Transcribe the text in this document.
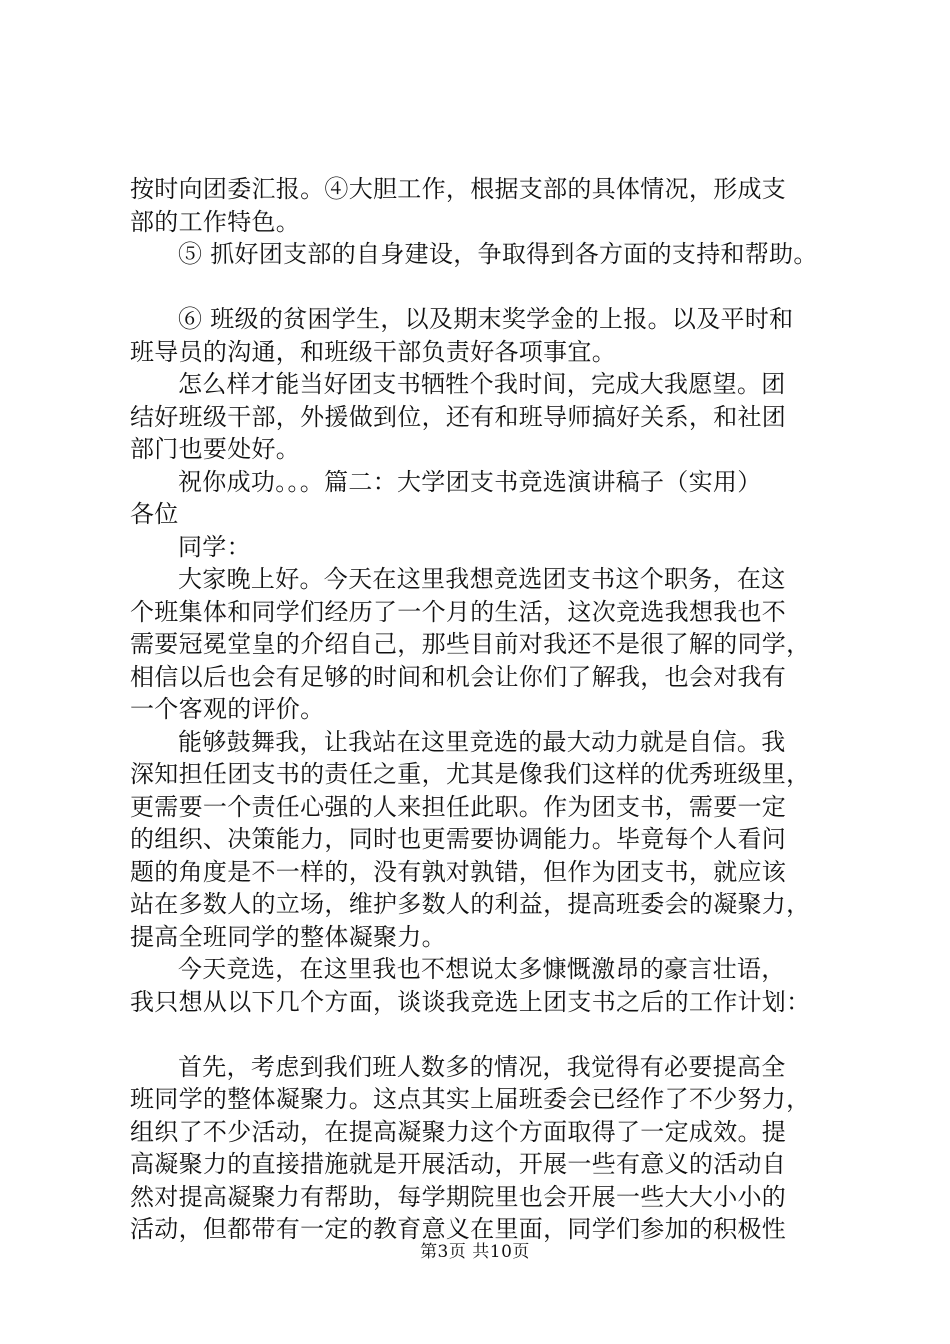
按时向团委汇报。④大胆工作，根据支部的具体情况，形成支
部的工作特色。
⑤ 抓好团支部的自身建设，争取得到各方面的支持和帮助。
⑥ 班级的贫困学生，以及期末奖学金的上报。以及平时和
班导员的沟通，和班级干部负责好各项事宜。
怎么样才能当好团支书牺牲个我时间，完成大我愿望。团
结好班级干部，外援做到位，还有和班导师搞好关系，和社团
部门也要处好。
祝你成功。。。篇二：大学团支书竞选演讲稿子（实用）
各位
同学：
大家晚上好。今天在这里我想竞选团支书这个职务，在这
个班集体和同学们经历了一个月的生活，这次竞选我想我也不
需要冠冕堂皇的介绍自己，那些目前对我还不是很了解的同学，
相信以后也会有足够的时间和机会让你们了解我，也会对我有
一个客观的评价。
能够鼓舞我，让我站在这里竞选的最大动力就是自信。我
深知担任团支书的责任之重，尤其是像我们这样的优秀班级里，
更需要一个责任心强的人来担任此职。作为团支书，需要一定
的组织、决策能力，同时也更需要协调能力。毕竟每个人看问
题的角度是不一样的，没有孰对孰错，但作为团支书，就应该
站在多数人的立场，维护多数人的利益，提高班委会的凝聚力，
提高全班同学的整体凝聚力。
今天竞选，在这里我也不想说太多慷慨激昂的豪言壮语，
我只想从以下几个方面，谈谈我竞选上团支书之后的工作计划：
首先，考虑到我们班人数多的情况，我觉得有必要提高全
班同学的整体凝聚力。这点其实上届班委会已经作了不少努力，
组织了不少活动，在提高凝聚力这个方面取得了一定成效。提
高凝聚力的直接措施就是开展活动，开展一些有意义的活动自
然对提高凝聚力有帮助，每学期院里也会开展一些大大小小的
活动，但都带有一定的教育意义在里面，同学们参加的积极性
第3页 共10页
